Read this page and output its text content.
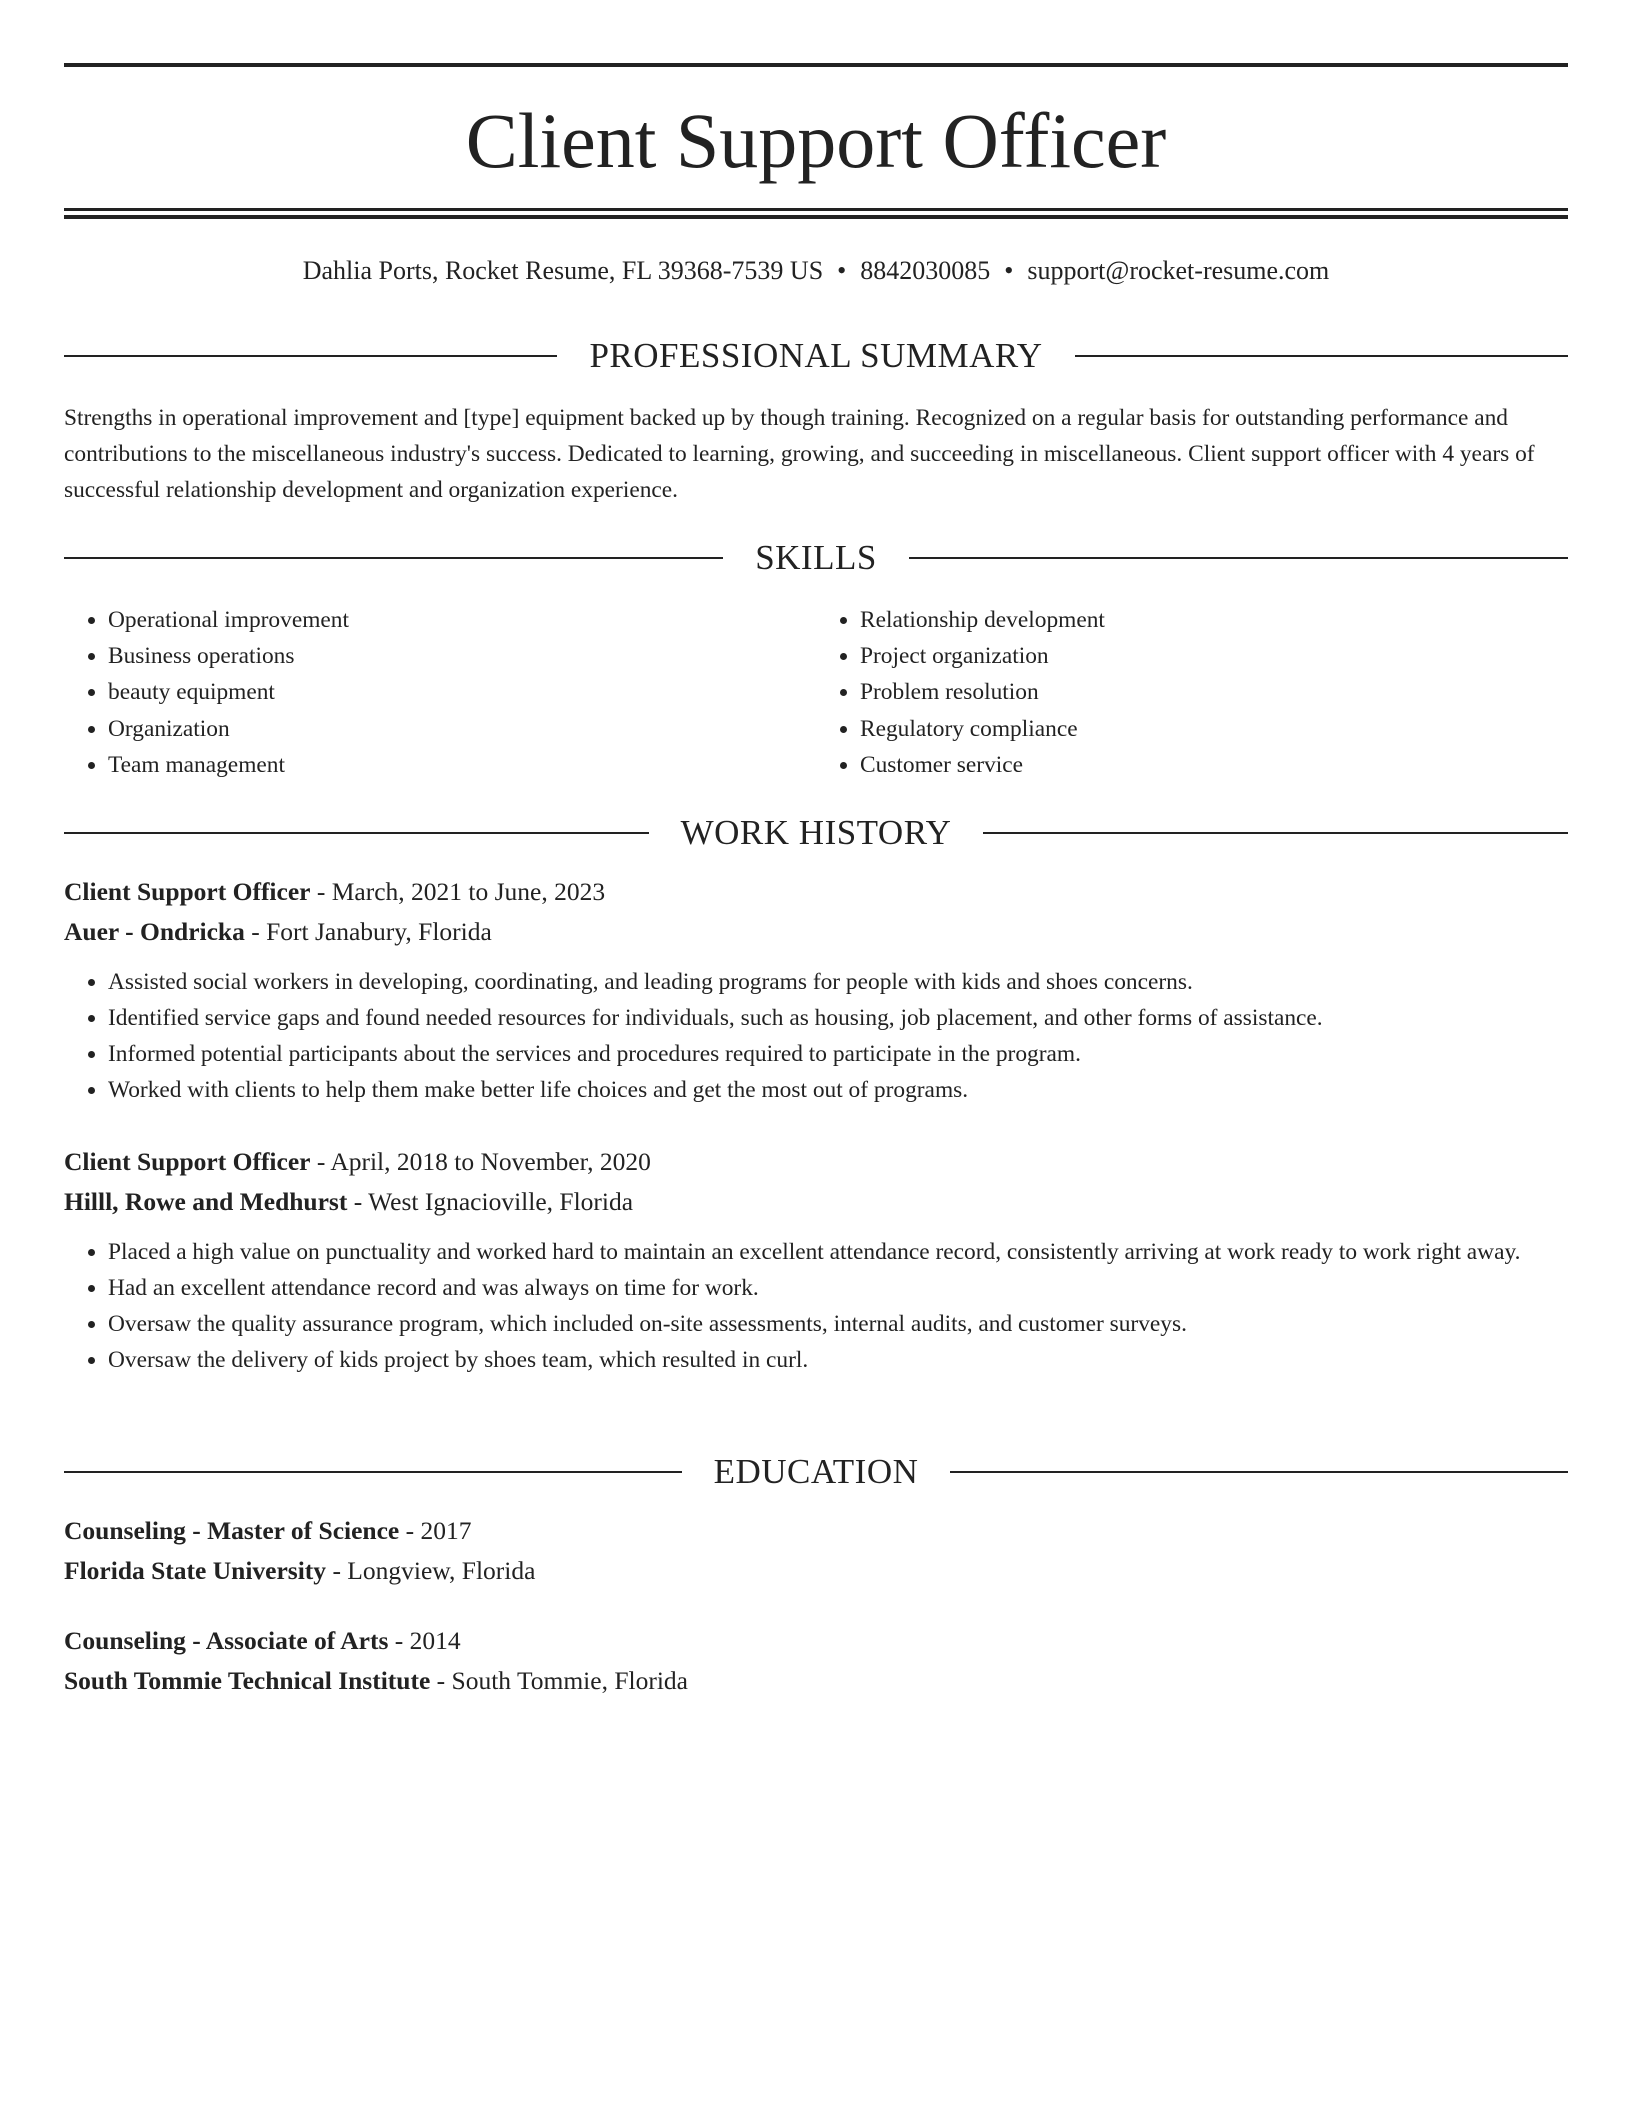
Client Support Officer
Dahlia Ports, Rocket Resume, FL 39368-7539 US • 8842030085 • support@rocket-resume.com
PROFESSIONAL SUMMARY

Strengths in operational improvement and [type] equipment backed up by though training. Recognized on a regular basis for outstanding performance and contributions to the miscellaneous industry's success. Dedicated to learning, growing, and succeeding in miscellaneous. Client support officer with 4 years of successful relationship development and organization experience.

SKILLS
• Operational improvement
• Business operations
• beauty equipment
• Organization
• Team management
• Relationship development
• Project organization
• Problem resolution
• Regulatory compliance
• Customer service
WORK HISTORY
Client Support Officer - March, 2021 to June, 2023
Auer - Ondricka - Fort Janabury, Florida
• Assisted social workers in developing, coordinating, and leading programs for people with kids and shoes concerns.
• Identified service gaps and found needed resources for individuals, such as housing, job placement, and other forms of assistance.
• Informed potential participants about the services and procedures required to participate in the program.
• Worked with clients to help them make better life choices and get the most out of programs.
Client Support Officer - April, 2018 to November, 2020
Hilll, Rowe and Medhurst - West Ignacioville, Florida
• Placed a high value on punctuality and worked hard to maintain an excellent attendance record, consistently arriving at work ready to work right away.
• Had an excellent attendance record and was always on time for work.
• Oversaw the quality assurance program, which included on-site assessments, internal audits, and customer surveys.
• Oversaw the delivery of kids project by shoes team, which resulted in curl.
EDUCATION
Counseling - Master of Science - 2017
Florida State University - Longview, Florida
Counseling - Associate of Arts - 2014
South Tommie Technical Institute - South Tommie, Florida
